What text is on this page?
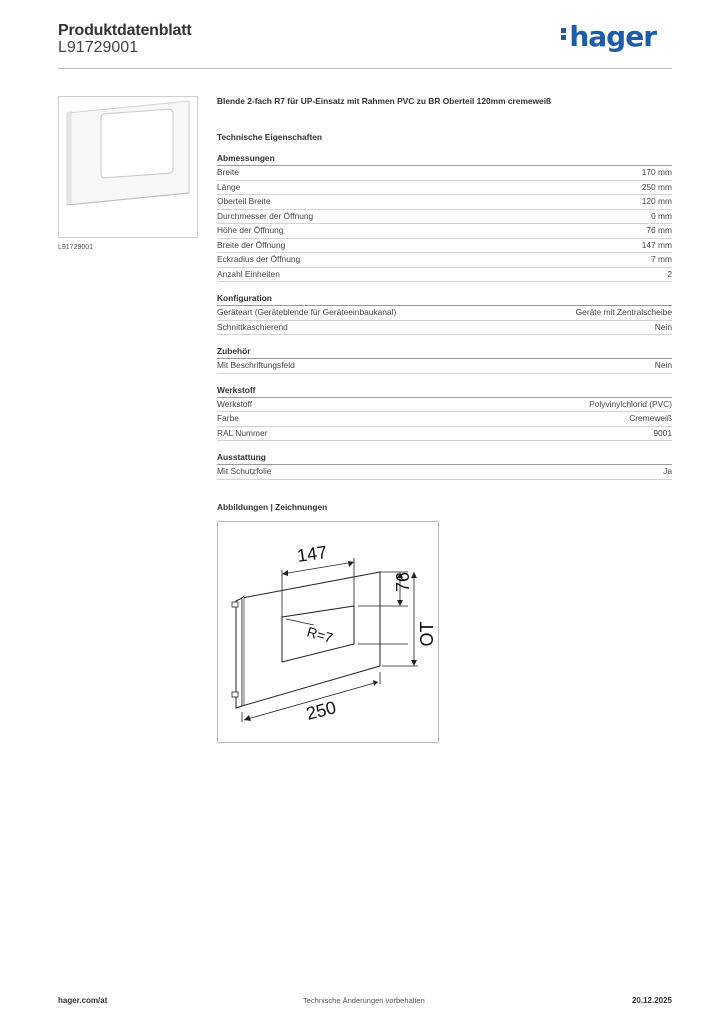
Produktdatenblatt
L91729001	hager
L91729001
Blende 2-fach R7 für UP-Einsatz mit Rahmen PVC zu BR Oberteil 120mm cremeweiß
Technische Eigenschaften
Abmessungen
Breite	170 mm
Länge	250 mm
Oberteil Breite	120 mm
Durchmesser der Öffnung	0 mm
Höhe der Öffnung	76 mm
Breite der Öffnung	147 mm
Eckradius der Öffnung	7 mm
Anzahl Einheiten	2
Konfiguration
Geräteart (Geräteblende für Geräteeinbaukanal)	Geräte mit Zentralscheibe
Schnittkaschierend	Nein
Zubehör
Mit Beschriftungsfeld	Nein
Werkstoff
Werkstoff	Polyvinylchlorid (PVC)
Farbe	Cremeweiß
RAL Nummer	9001
Ausstattung
Mit Schutzfolie	Ja
Abbildungen | Zeichnungen
147
76
OT
R=7
250
hager.com/at	Technische Änderungen vorbehalten	20.12.2025
